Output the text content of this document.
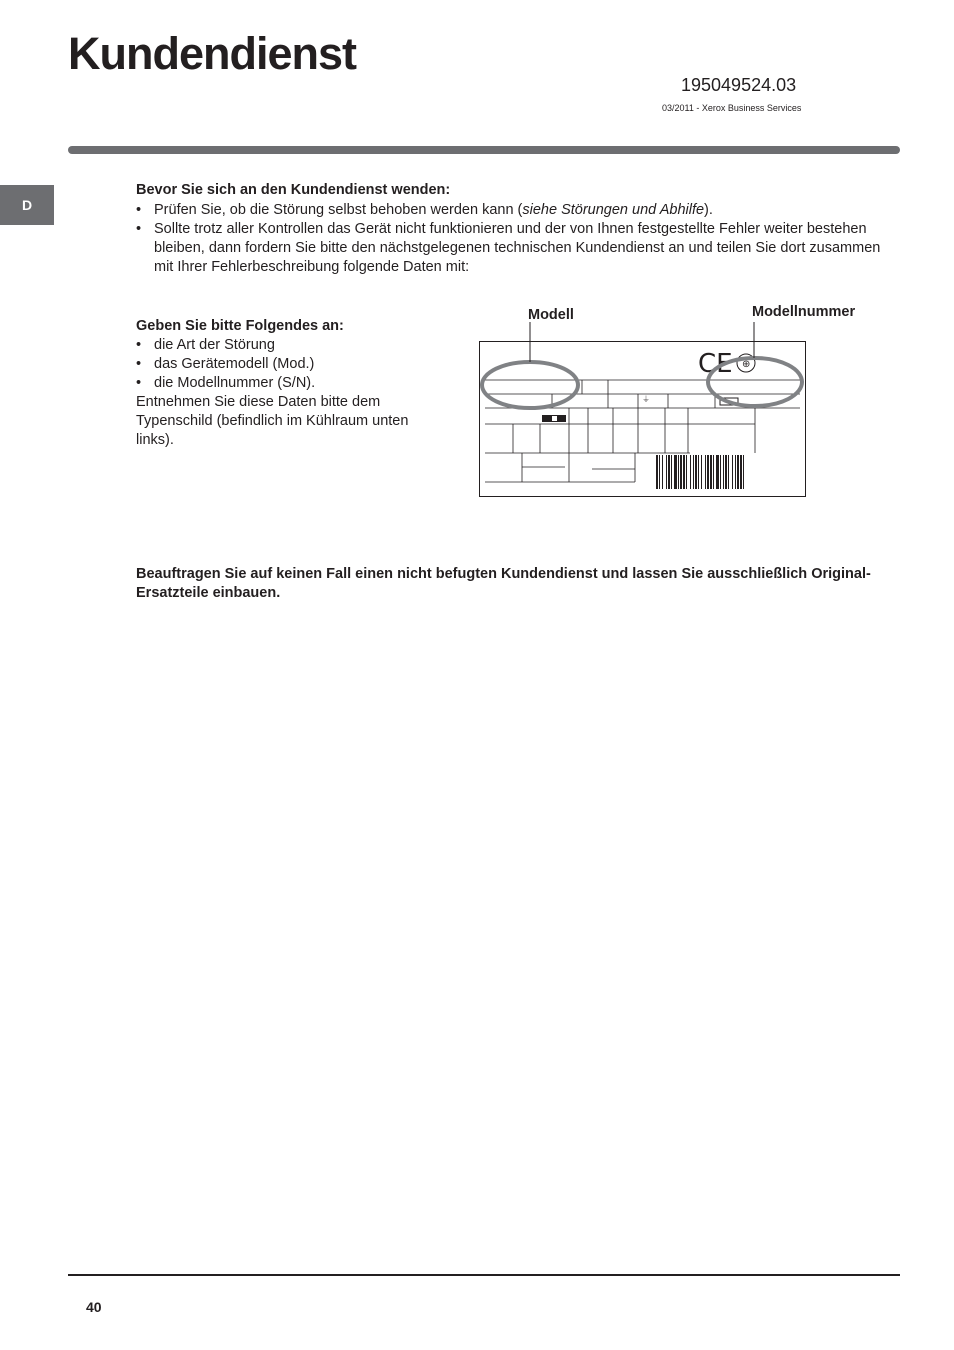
Kundendienst
195049524.03
03/2011 - Xerox Business Services
D
Bevor Sie sich an den Kundendienst wenden:
• Prüfen Sie, ob die Störung selbst behoben werden kann (siehe Störungen und Abhilfe).
• Sollte trotz aller Kontrollen das Gerät nicht funktionieren und der von Ihnen festgestellte Fehler weiter bestehen bleiben, dann fordern Sie bitte den nächstgelegenen technischen Kundendienst an und teilen Sie dort zusammen mit Ihrer Fehlerbeschreibung folgende Daten mit:
Geben Sie bitte Folgendes an:
• die Art der Störung
• das Gerätemodell (Mod.)
• die Modellnummer (S/N).
Entnehmen Sie diese Daten bitte dem Typenschild (befindlich im Kühlraum unten links).
Modell	Modellnummer
⏚
CE ⊕
Beauftragen Sie auf keinen Fall einen nicht befugten Kundendienst und lassen Sie ausschließlich Original-Ersatzteile einbauen.
40
